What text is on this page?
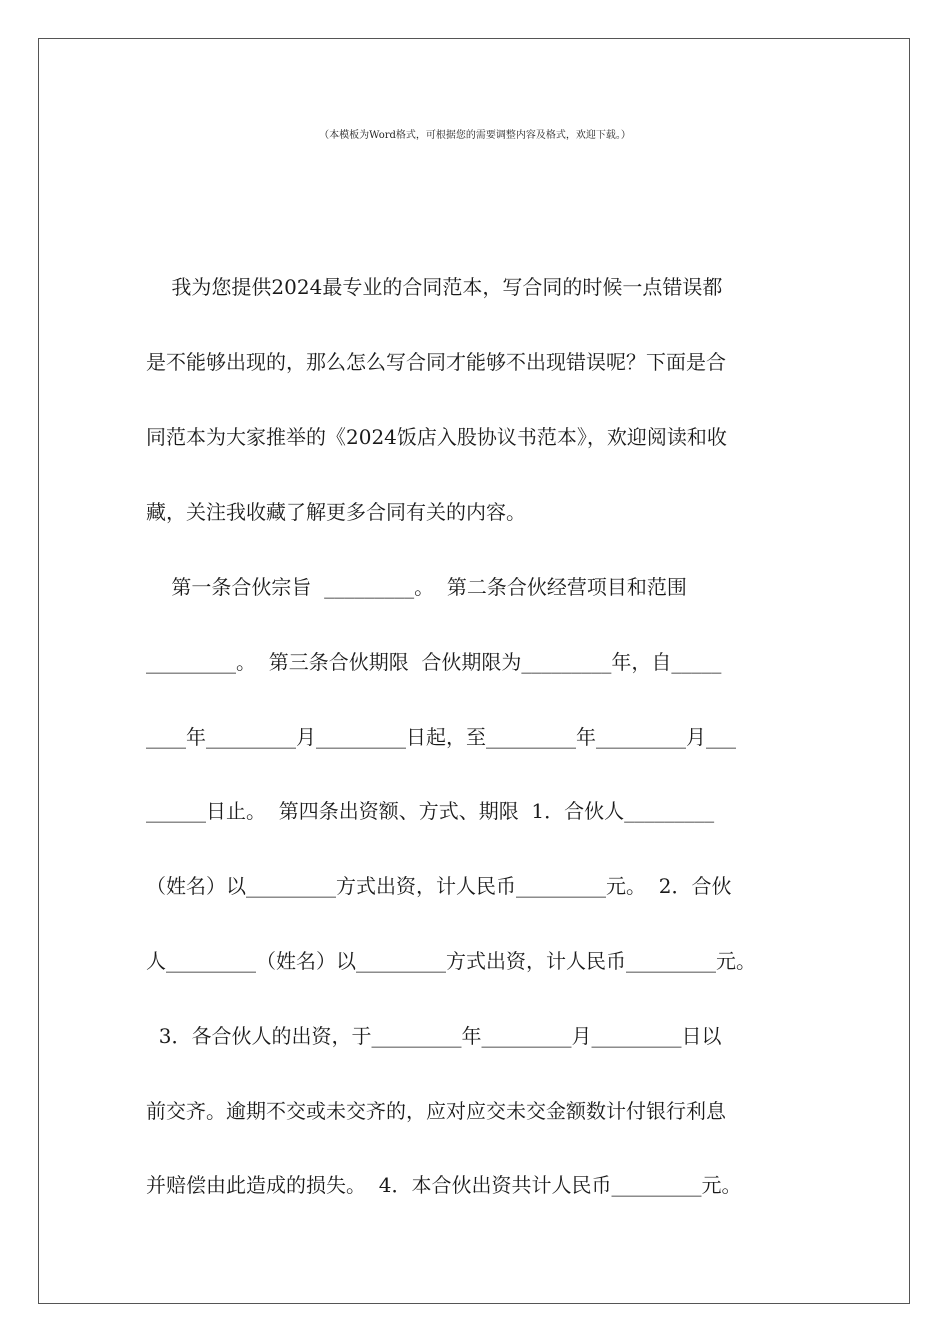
（本模板为Word格式，可根据您的需要调整内容及格式，欢迎下载。）
我为您提供2024最专业的合同范本，写合同的时候一点错误都
是不能够出现的，那么怎么写合同才能够不出现错误呢？下面是合
同范本为大家推举的《2024饭店入股协议书范本》，欢迎阅读和收
藏，关注我收藏了解更多合同有关的内容。
第一条合伙宗旨  _________。  第二条合伙经营项目和范围
_________。  第三条合伙期限  合伙期限为_________年，自_____
____年_________月_________日起，至_________年_________月___
______日止。  第四条出资额、方式、期限  1．合伙人_________
（姓名）以_________方式出资，计人民币_________元。  2．合伙
人_________（姓名）以_________方式出资，计人民币_________元。
3．各合伙人的出资，于_________年_________月_________日以
前交齐。逾期不交或未交齐的，应对应交未交金额数计付银行利息
并赔偿由此造成的损失。  4．本合伙出资共计人民币_________元。
